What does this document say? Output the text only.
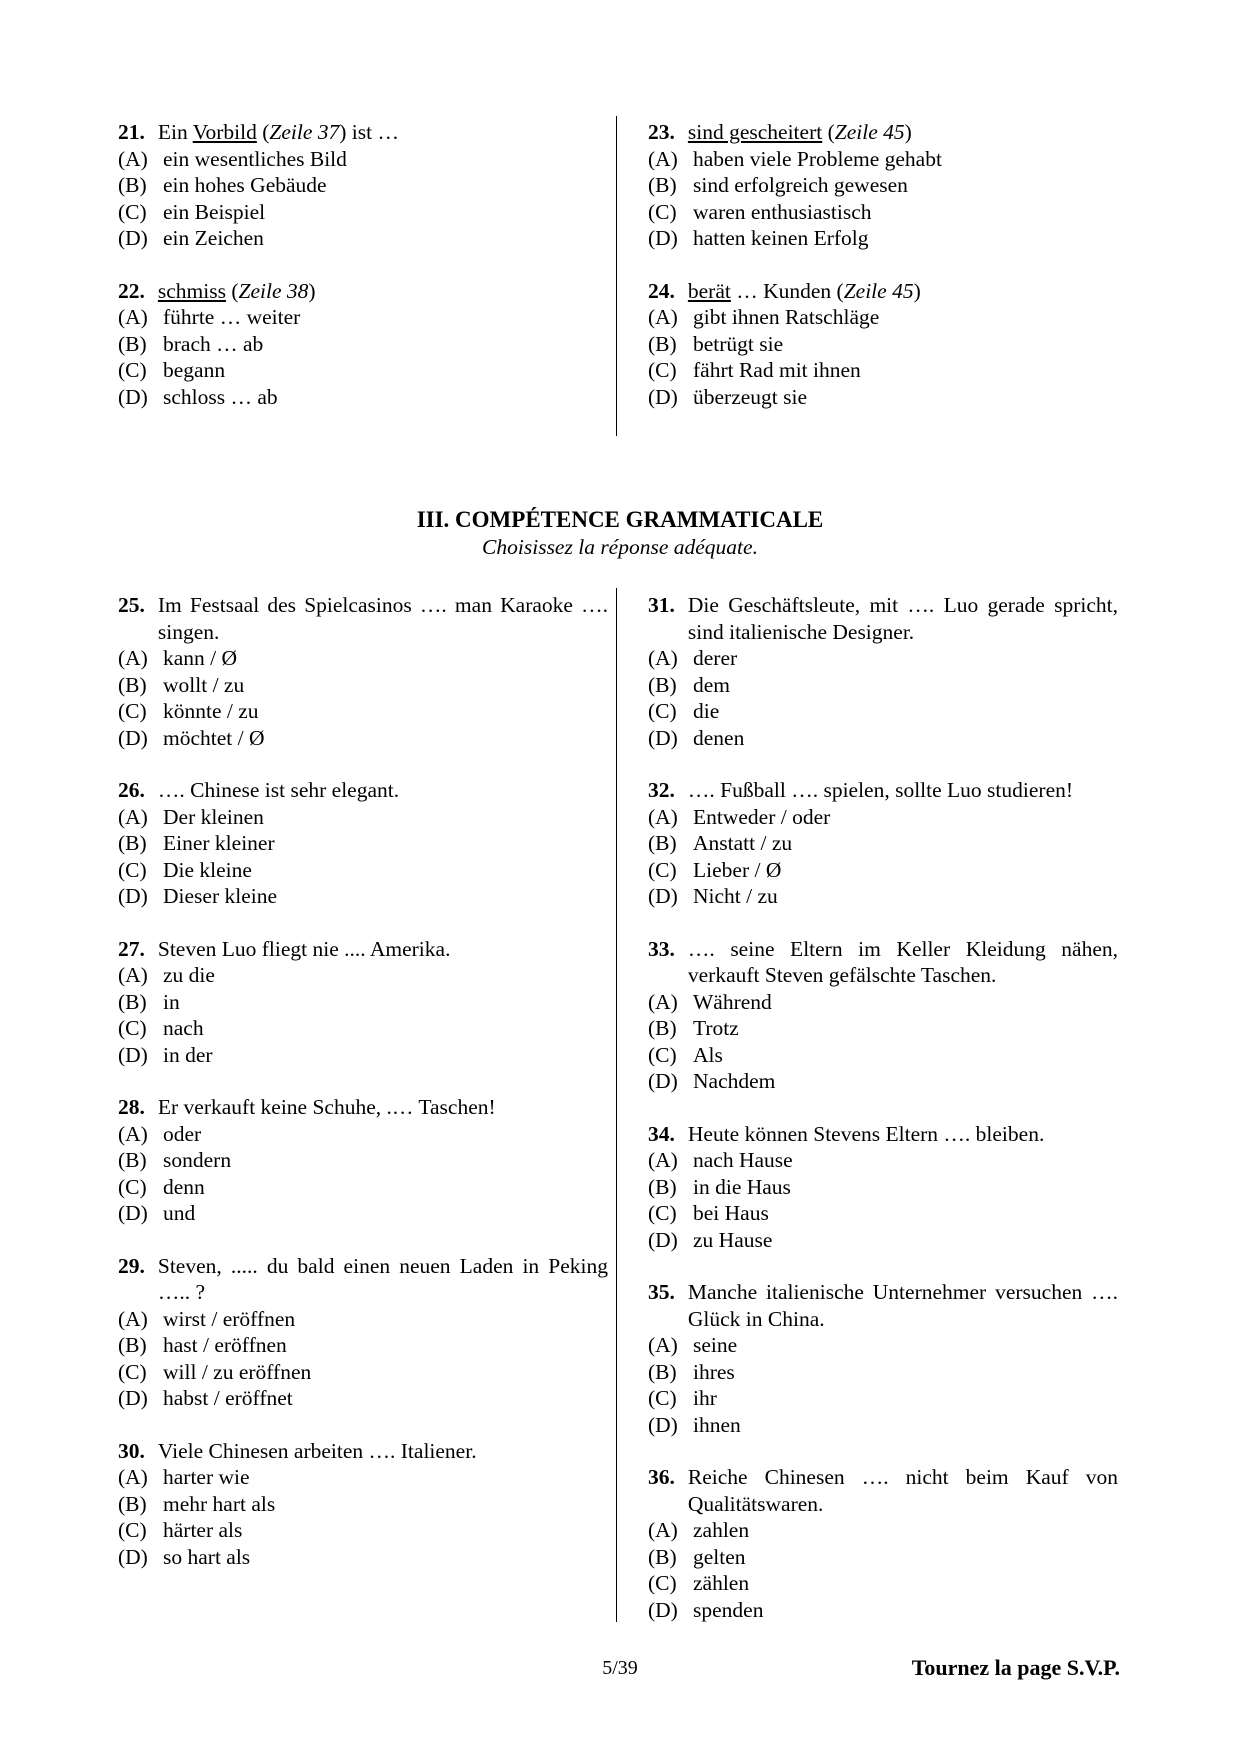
21. Ein Vorbild (Zeile 37) ist …
(A) ein wesentliches Bild
(B) ein hohes Gebäude
(C) ein Beispiel
(D) ein Zeichen
22. schmiss (Zeile 38)
(A) führte … weiter
(B) brach … ab
(C) begann
(D) schloss … ab
23. sind gescheitert (Zeile 45)
(A) haben viele Probleme gehabt
(B) sind erfolgreich gewesen
(C) waren enthusiastisch
(D) hatten keinen Erfolg
24. berät … Kunden (Zeile 45)
(A) gibt ihnen Ratschläge
(B) betrügt sie
(C) fährt Rad mit ihnen
(D) überzeugt sie
III. COMPÉTENCE GRAMMATICALE
Choisissez la réponse adéquate.
25. Im Festsaal des Spielcasinos …. man Karaoke …. singen.
(A) kann / Ø
(B) wollt / zu
(C) könnte / zu
(D) möchtet / Ø
26. …. Chinese ist sehr elegant.
(A) Der kleinen
(B) Einer kleiner
(C) Die kleine
(D) Dieser kleine
27. Steven Luo fliegt nie .... Amerika.
(A) zu die
(B) in
(C) nach
(D) in der
28. Er verkauft keine Schuhe, .… Taschen!
(A) oder
(B) sondern
(C) denn
(D) und
29. Steven, ..... du bald einen neuen Laden in Peking ….. ?
(A) wirst / eröffnen
(B) hast / eröffnen
(C) will / zu eröffnen
(D) habst / eröffnet
30. Viele Chinesen arbeiten …. Italiener.
(A) harter wie
(B) mehr hart als
(C) härter als
(D) so hart als
31. Die Geschäftsleute, mit …. Luo gerade spricht, sind italienische Designer.
(A) derer
(B) dem
(C) die
(D) denen
32. …. Fußball …. spielen, sollte Luo studieren!
(A) Entweder / oder
(B) Anstatt / zu
(C) Lieber / Ø
(D) Nicht / zu
33. …. seine Eltern im Keller Kleidung nähen, verkauft Steven gefälschte Taschen.
(A) Während
(B) Trotz
(C) Als
(D) Nachdem
34. Heute können Stevens Eltern …. bleiben.
(A) nach Hause
(B) in die Haus
(C) bei Haus
(D) zu Hause
35. Manche italienische Unternehmer versuchen …. Glück in China.
(A) seine
(B) ihres
(C) ihr
(D) ihnen
36. Reiche Chinesen …. nicht beim Kauf von Qualitätswaren.
(A) zahlen
(B) gelten
(C) zählen
(D) spenden
5/39	Tournez la page S.V.P.
